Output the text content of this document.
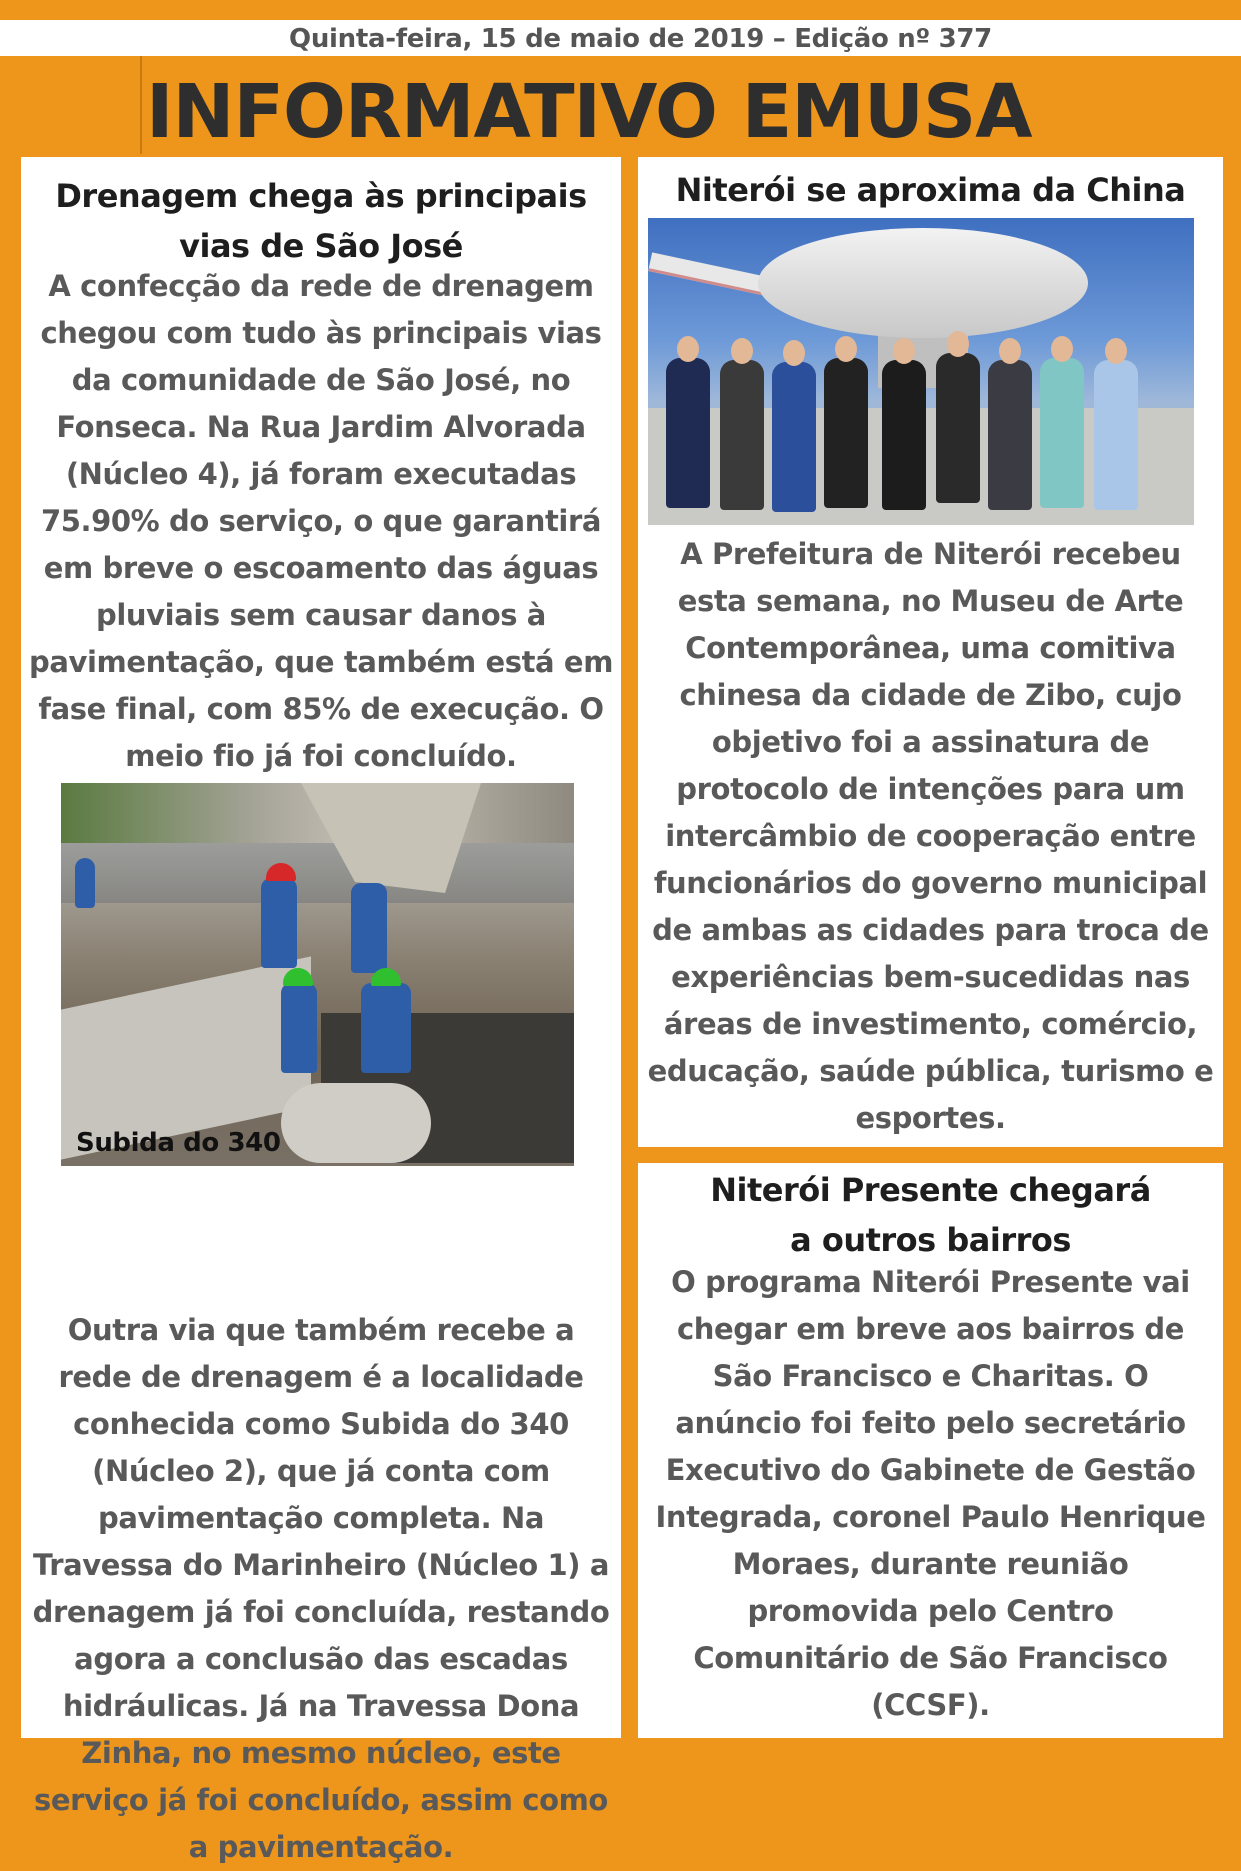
Quinta-feira, 15 de maio de 2019 – Edição nº 377
INFORMATIVO EMUSA
Drenagem chega às principais vias de São José
A confecção da rede de drenagem
chegou com tudo às principais vias
da comunidade de São José, no
Fonseca. Na Rua Jardim Alvorada
(Núcleo 4), já foram executadas
75.90% do serviço, o que garantirá
em breve o escoamento das águas
pluviais sem causar danos à
pavimentação, que também está em
fase final, com 85% de execução. O
meio fio já foi concluído.
Outra via que também recebe a
rede de drenagem é a localidade
conhecida como Subida do 340
(Núcleo 2), que já conta com
pavimentação completa. Na
Travessa do Marinheiro (Núcleo 1) a
drenagem já foi concluída, restando
agora a conclusão das escadas
hidráulicas. Já na Travessa Dona
Zinha, no mesmo núcleo, este
serviço já foi concluído, assim como
a pavimentação.
Subida do 340
Niterói se aproxima da China
A Prefeitura de Niterói recebeu
esta semana, no Museu de Arte
Contemporânea, uma comitiva
chinesa da cidade de Zibo, cujo
objetivo foi a assinatura de
protocolo de intenções para um
intercâmbio de cooperação entre
funcionários do governo municipal
de ambas as cidades para troca de
experiências bem-sucedidas nas
áreas de investimento, comércio,
educação, saúde pública, turismo e
esportes.
Niterói Presente chegará a outros bairros
O programa Niterói Presente vai
chegar em breve aos bairros de
São Francisco e Charitas. O
anúncio foi feito pelo secretário
Executivo do Gabinete de Gestão
Integrada, coronel Paulo Henrique
Moraes, durante reunião
promovida pelo Centro
Comunitário de São Francisco
(CCSF).
